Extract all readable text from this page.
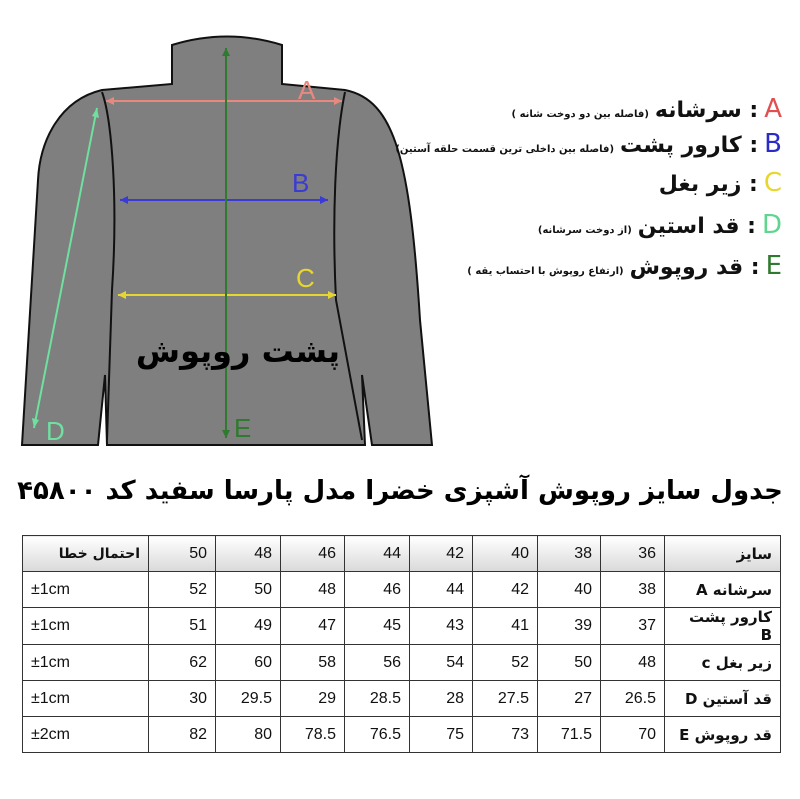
A
B
C
D	E
پشت روپوش
A: سرشانه(فاصله بین دو دوخت شانه )
B: کارور پشت(فاصله بین داخلی ترین قسمت حلقه آستین)
C: زیر بغل
D: قد استین(از دوخت سرشانه)
E: قد روپوش(ارتفاع روپوش با احتساب یقه )
جدول سایز روپوش آشپزی خضرا مدل پارسا سفید کد ۴۵۸۰۰
احتمال خطا	50	48	46	44	42	40	38	36	سایز
±1cm	52	50	48	46	44	42	40	38	سرشانه A
±1cm	51	49	47	45	43	41	39	37	کارور پشت B
±1cm	62	60	58	56	54	52	50	48	زیر بغل c
±1cm	30	29.5	29	28.5	28	27.5	27	26.5	قد آستین D
±2cm	82	80	78.5	76.5	75	73	71.5	70	قد روپوش E
